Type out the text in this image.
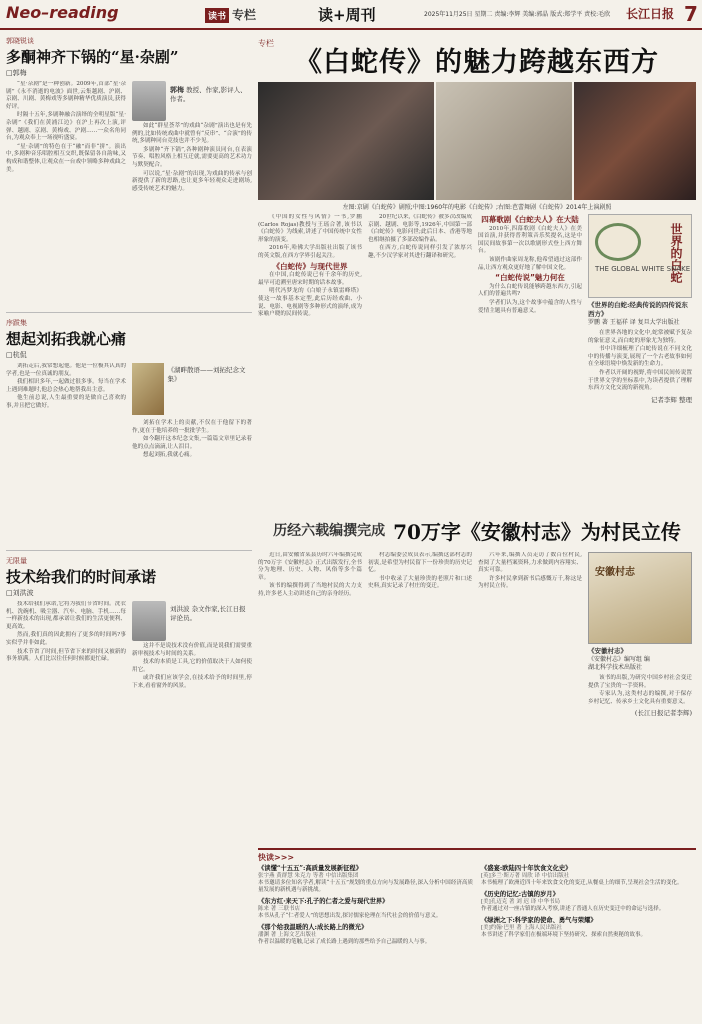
Neo–reading	读书 专栏	读+周刊	2025年11月25日 星期二 责编:李辉 美编:郭晶 版式:郑学平 责校:毛欣 长江日报 7
郭晓锐谈
多酮神齐下锅的“星·杂剧”
□郭梅

“星·杂剧”是一种创新。2009年,首部“星·杂剧”《永不消逝的电波》面世,云集越剧、沪剧、京剧、川剧、黄梅戏等多剧种精华优质演员,获得好评。

时隔十五年,多剧种融合演绎的全明星版“星·杂剧”《我们在黄浦江边》在沪上再次上演,评弹、越剧、京剧、黄梅戏、沪剧……一众名角同台,为观众奉上一场视听盛宴。

“星·杂剧”的特色在于“融”而非“拼”。演出中,多剧种音乐唱腔相互交织,既保留各自韵味,又构成和谐整体,让观众在一台戏中领略多种戏曲之美。

郭梅 教授、作家,影评人、作者。

如此“群星荟萃”的戏曲“杂剧”演出也是有先例的,比如传统戏曲中就曾有“反串”、“合演”的传统,多剧种同台竞技也并不少见。

多剧种“齐下锅”,各种剧种演员同台,在表演节奏、唱腔风格上相互迁就,需要更高的艺术功力与默契配合。

可以说,“星·杂剧”的出现,为戏曲的传承与创新提供了新的思路,也让更多年轻观众走进剧场,感受传统艺术的魅力。

序跋集
想起刘拓我就心痛
□杭侃

刘拓走后,我常想起他。他是一位极其认真的学者,也是一位真诚的朋友。

我们相识多年,一起做过很多事。每当在学术上遇到难题时,他总会热心地帮我出主意。

他生前总说,人生最重要的是做自己喜欢的事,并且把它做好。

《湖畔散语——刘拓纪念文集》

刘拓在学术上的贡献,不仅在于他留下的著作,更在于他培养的一批批学生。

如今翻开这本纪念文集,一篇篇文章里记录着他的点点滴滴,让人泪目。

想起刘拓,我就心痛。

无限量
技术给我们的时间承诺
□刘洪波

技术给我们承诺,它将为我们节省时间。洗衣机、洗碗机、吸尘器、汽车、电脑、手机……每一样新技术的出现,都承诺让我们的生活更便利、更高效。

然而,我们真的因此拥有了更多的时间吗?事实似乎并非如此。

技术节省了时间,但节省下来的时间又被新的事务填满。人们比以往任何时候都更忙碌。

刘洪波 杂文作家,长江日报评论员。

这并不是说技术没有价值,而是说我们需要重新审视技术与时间的关系。

技术的本质是工具,它的价值取决于人如何使用它。

或许我们应该学会,在技术给予的时间里,停下来,看看窗外的风景。

专栏
《白蛇传》的魅力跨越东西方
左图:京剧《白蛇传》剧照;中图:1960年的电影《白蛇传》;右图:芭蕾舞剧《白蛇传》2014年上演剧照

《中国的女性与风情》一书,罗鹏(Carlos Rojas)教授与王瑶合著,该书以《白蛇传》为线索,讲述了中国传统中女性形象的演变。

2016年,哈佛大学出版社出版了该书的英文版,在西方学界引起关注。

《白蛇传》与现代世界

在中国,白蛇传说已有千余年的历史,最早可追溯至唐宋时期的话本故事。

明代冯梦龙的《白娘子永镇雷峰塔》使这一故事基本定型,此后历经戏曲、小说、电影、电视剧等多种形式的演绎,成为家喻户晓的民间传说。

20世纪以来,《白蛇传》被多次改编成京剧、越剧、电影等,1926年,中国第一部《白蛇传》电影问世;此后日本、香港等地也相继拍摄了多部改编作品。

在西方,白蛇传说同样引发了浓厚兴趣,不少汉学家对其进行翻译和研究。

四幕歌剧《白蛇夫人》在大陆

2010年,四幕歌剧《白蛇夫人》在美国首演,并获得普利策音乐奖提名,这是中国民间故事第一次以歌剧形式登上西方舞台。

该剧作曲家周龙称,他希望通过这部作品,让西方观众更好地了解中国文化。

“白蛇传说”魅力何在

为什么白蛇传说能够跨越东西方,引起人们的普遍共鸣?

学者们认为,这个故事中蕴含的人性与爱情主题具有普遍意义。

世界的白蛇
THE GLOBAL WHITE SNAKE
《世界的白蛇:经典传说的四传说东西方》
罗鹏 著 王福祥 译 复旦大学出版社

在世界各地的文化中,蛇常被赋予复杂的象征意义,而白蛇的形象尤为独特。

书中详细梳理了白蛇传说在不同文化中的传播与演变,展现了一个古老故事如何在全球语境中焕发新的生命力。

作者以开阔的视野,将中国民间传说置于世界文学的坐标系中,为读者提供了理解东西方文化交流的新视角。

记者李辉 整理
历经六载编撰完成 70万字《安徽村志》为村民立传

近日,由安徽省某县历时六年编撰完成的70万字《安徽村志》正式出版发行,全书分为地理、历史、人物、风俗等多个篇章。

该书的编撰得到了当地村民的大力支持,许多老人主动讲述自己的亲身经历。

村志编委会成员表示,编撰这部村志的初衷,是希望为村民留下一份珍贵的历史记忆。

书中收录了大量珍贵的老照片和口述史料,真实记录了村庄的变迁。

六年来,编撰人员走访了数百位村民,查阅了大量档案资料,力求做到内容翔实、真实可靠。

许多村民拿到新书后感慨万千,称这是为村民立传。

安徽村志
《安徽村志》
《安徽村志》编写组 编
湖北科学技术出版社

该书的出版,为研究中国乡村社会变迁提供了宝贵的一手资料。

专家认为,这类村志的编撰,对于保存乡村记忆、传承乡土文化具有重要意义。

(长江日报记者李辉)
快读>>>
《读懂“十五五”:高质量发展新征程》
张宇燕 黄群慧 朱克力 等著 中信出版集团
本书邀请多位知名学者,解读“十五五”规划的重点方向与发展路径,深入分析中国经济高质量发展的新机遇与新挑战。
《东方红·来天下:孔子的仁者之爱与现代世界》
陈来 著 三联书店
本书从孔子“仁者爱人”的思想出发,探讨儒家伦理在当代社会的价值与意义。
《那个给我温暖的人:成长路上的微光》
潘渊 著 上海文艺出版社
作者以温暖的笔触,记录了成长路上遇到的那些给予自己温暖的人与事。
《盛宴:欧陆四十年饮食文化史》
[英]多兰·斯万著 周欣 译 中信出版社
本书梳理了欧洲近四十年来饮食文化的变迁,从餐桌上的细节,呈现社会生活的变化。
《历史的记忆:古镇的岁月》
[美]孔迈克 著 刘 迟 译 中华书局
作者通过对一座古镇的深入考察,讲述了普通人在历史变迁中的命运与选择。
《绿洲之下:科学家的使命、勇气与荣耀》
[美]约翰·巴里 著 上海人民出版社
本书讲述了科学家们在极端环境下坚持研究、探索自然奥秘的故事。
